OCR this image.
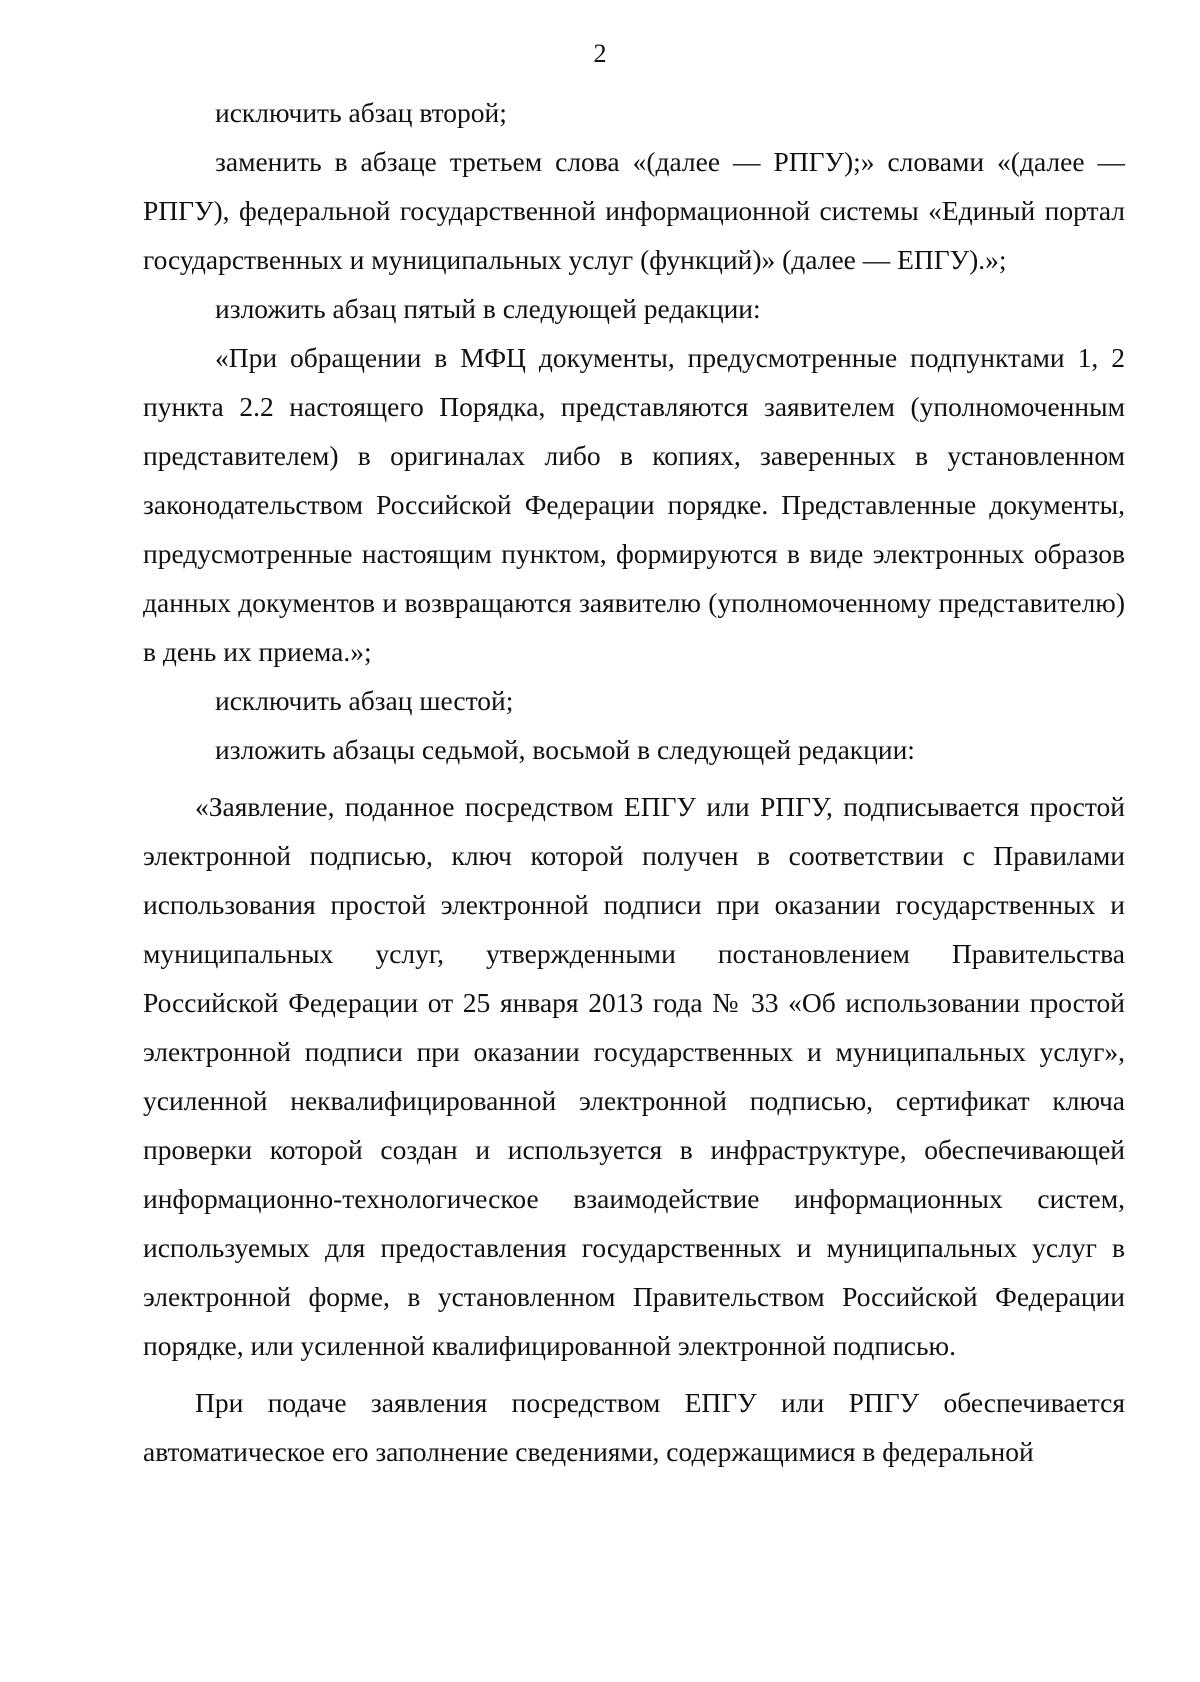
2

исключить абзац второй;

заменить в абзаце третьем слова «(далее — РПГУ);» словами «(далее — РПГУ), федеральной государственной информационной системы «Единый портал государственных и муниципальных услуг (функций)» (далее — ЕПГУ).»;

изложить абзац пятый в следующей редакции:

«При обращении в МФЦ документы, предусмотренные подпунктами 1, 2 пункта 2.2 настоящего Порядка, представляются заявителем (уполномоченным представителем) в оригиналах либо в копиях, заверенных в установленном законодательством Российской Федерации порядке. Представленные документы, предусмотренные настоящим пунктом, формируются в виде электронных образов данных документов и возвращаются заявителю (уполномоченному представителю) в день их приема.»;

исключить абзац шестой;

изложить абзацы седьмой, восьмой в следующей редакции:

«Заявление, поданное посредством ЕПГУ или РПГУ, подписывается простой электронной подписью, ключ которой получен в соответствии с Правилами использования простой электронной подписи при оказании государственных и муниципальных услуг, утвержденными постановлением Правительства Российской Федерации от 25 января 2013 года № 33 «Об использовании простой электронной подписи при оказании государственных и муниципальных услуг», усиленной неквалифицированной электронной подписью, сертификат ключа проверки которой создан и используется в инфраструктуре, обеспечивающей информационно-технологическое взаимодействие информационных систем, используемых для предоставления государственных и муниципальных услуг в электронной форме, в установленном Правительством Российской Федерации порядке, или усиленной квалифицированной электронной подписью.

При подаче заявления посредством ЕПГУ или РПГУ обеспечивается автоматическое его заполнение сведениями, содержащимися в федеральной
